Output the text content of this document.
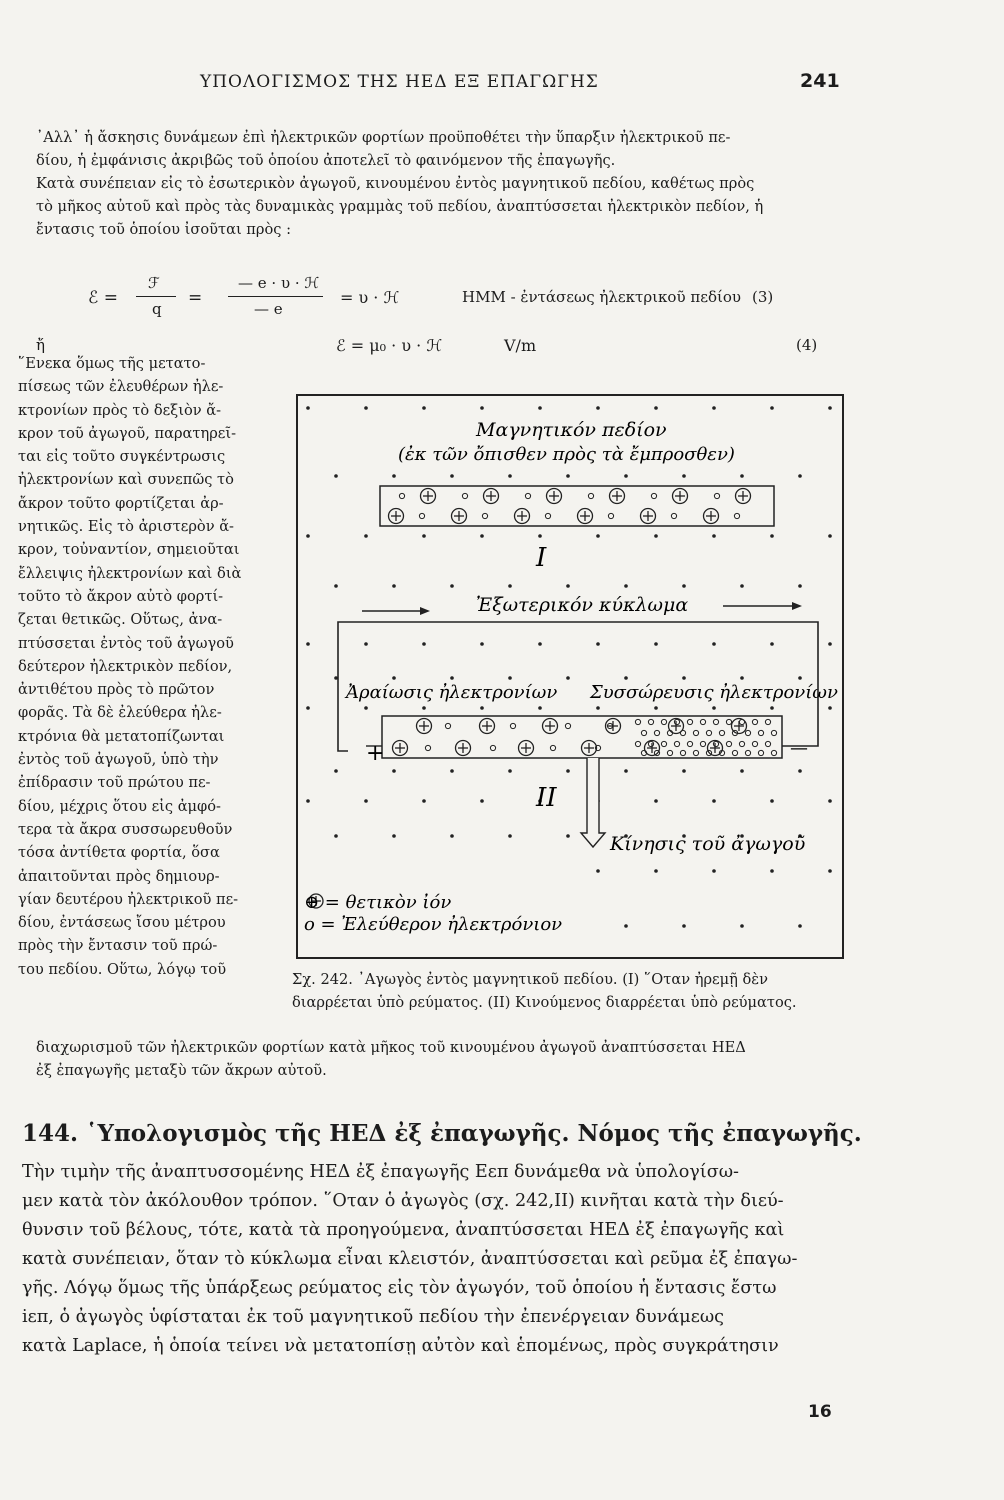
ΥΠΟΛΟΓΙΣΜΟΣ ΤΗΣ ΗΕΔ ΕΞ ΕΠΑΓΩΓΗΣ	241
᾿Αλλ᾿ ἡ ἄσκησις δυνάμεων ἐπὶ ἠλεκτρικῶν φορτίων προϋποθέτει τὴν ὕπαρξιν ἠλεκτρικοῦ πε-
δίου, ἡ ἐμφάνισις ἀκριβῶς τοῦ ὁποίου ἀποτελεῖ τὸ φαινόμενον τῆς ἐπαγωγῆς.
Κατὰ συνέπειαν εἰς τὸ ἐσωτερικὸν ἀγωγοῦ, κινουμένου ἐντὸς μαγνητικοῦ πεδίου, καθέτως πρὸς
τὸ μῆκος αὐτοῦ καὶ πρὸς τὰς δυναμικὰς γραμμὰς τοῦ πεδίου, ἀναπτύσσεται ἠλεκτρικὸν πεδίον, ἡ
ἔντασις τοῦ ὁποίου ἰσοῦται πρὸς :
ℰ =
ℱ
q
=
— e · υ · ℋ
— e
= υ · ℋ	ΗΜΜ - ἐντάσεως ἠλεκτρικοῦ πεδίου (3)
ἤ	ℰ = μ₀ · υ · ℋ	V/m	(4)
῞Ενεκα ὅμως τῆς μετατο-
πίσεως τῶν ἐλευθέρων ἠλε-
κτρονίων πρὸς τὸ δεξιὸν ἄ-
κρον τοῦ ἀγωγοῦ, παρατηρεῖ-
ται εἰς τοῦτο συγκέντρωσις
ἠλεκτρονίων καὶ συνεπῶς τὸ
ἄκρον τοῦτο φορτίζεται ἀρ-
νητικῶς. Εἰς τὸ ἀριστερὸν ἄ-
κρον, τοὐναντίον, σημειοῦται
ἔλλειψις ἠλεκτρονίων καὶ διὰ
τοῦτο τὸ ἄκρον αὐτὸ φορτί-
ζεται θετικῶς. Οὕτως, ἀνα-
πτύσσεται ἐντὸς τοῦ ἀγωγοῦ
δεύτερον ἠλεκτρικὸν πεδίον,
ἀντιθέτου πρὸς τὸ πρῶτον
φορᾶς. Τὰ δὲ ἐλεύθερα ἠλε-
κτρόνια θὰ μετατοπίζωνται
ἐντὸς τοῦ ἀγωγοῦ, ὑπὸ τὴν
ἐπίδρασιν τοῦ πρώτου πε-
δίου, μέχρις ὅτου εἰς ἀμφό-
τερα τὰ ἄκρα συσσωρευθοῦν
τόσα ἀντίθετα φορτία, ὅσα
ἀπαιτοῦνται πρὸς δημιουρ-
γίαν δευτέρου ἠλεκτρικοῦ πε-
δίου, ἐντάσεως ἴσου μέτρου
πρὸς τὴν ἔντασιν τοῦ πρώ-
του πεδίου. Οὕτω, λόγῳ τοῦ
Μαγνητικόν πεδίον
(ἐκ τῶν ὄπισθεν πρὸς τὰ ἔμπροσθεν)
I
Ἐξωτερικόν κύκλωμα
Ἀραίωσις ἠλεκτρονίων Συσσώρευσις ἠλεκτρονίων
+	—
II
Κίνησις τοῦ ἀγωγοῦ
⊕ = θετικὸν ἰόν
ο = Ἐλεύθερον ἠλεκτρόνιον
Σχ. 242. ᾿Αγωγὸς ἐντὸς μαγνητικοῦ πεδίου. (Ι) ῞Οταν ἠρεμῇ δὲν
διαρρέεται ὑπὸ ρεύματος. (II) Κινούμενος διαρρέεται ὑπὸ ρεύματος.
διαχωρισμοῦ τῶν ἠλεκτρικῶν φορτίων κατὰ μῆκος τοῦ κινουμένου ἀγωγοῦ ἀναπτύσσεται ΗΕΔ
ἐξ ἐπαγωγῆς μεταξὺ τῶν ἄκρων αὐτοῦ.
144. ῾Υπολογισμὸς τῆς ΗΕΔ ἐξ ἐπαγωγῆς. Νόμος τῆς ἐπαγωγῆς.
Τὴν τιμὴν τῆς ἀναπτυσσομένης ΗΕΔ ἐξ ἐπαγωγῆς Εεπ δυνάμεθα νὰ ὑπολογίσω-
μεν κατὰ τὸν ἀκόλουθον τρόπον. ῞Οταν ὁ ἀγωγὸς (σχ. 242,II) κινῆται κατὰ τὴν διεύ-
θυνσιν τοῦ βέλους, τότε, κατὰ τὰ προηγούμενα, ἀναπτύσσεται ΗΕΔ ἐξ ἐπαγωγῆς καὶ
κατὰ συνέπειαν, ὅταν τὸ κύκλωμα εἶναι κλειστόν, ἀναπτύσσεται καὶ ρεῦμα ἐξ ἐπαγω-
γῆς. Λόγῳ ὅμως τῆς ὑπάρξεως ρεύματος εἰς τὸν ἀγωγόν, τοῦ ὁποίου ἡ ἔντασις ἔστω
iεπ, ὁ ἀγωγὸς ὑφίσταται ἐκ τοῦ μαγνητικοῦ πεδίου τὴν ἐπενέργειαν δυνάμεως
κατὰ Laplace, ἡ ὁποία τείνει νὰ μετατοπίσῃ αὐτὸν καὶ ἑπομένως, πρὸς συγκράτησιν
16
